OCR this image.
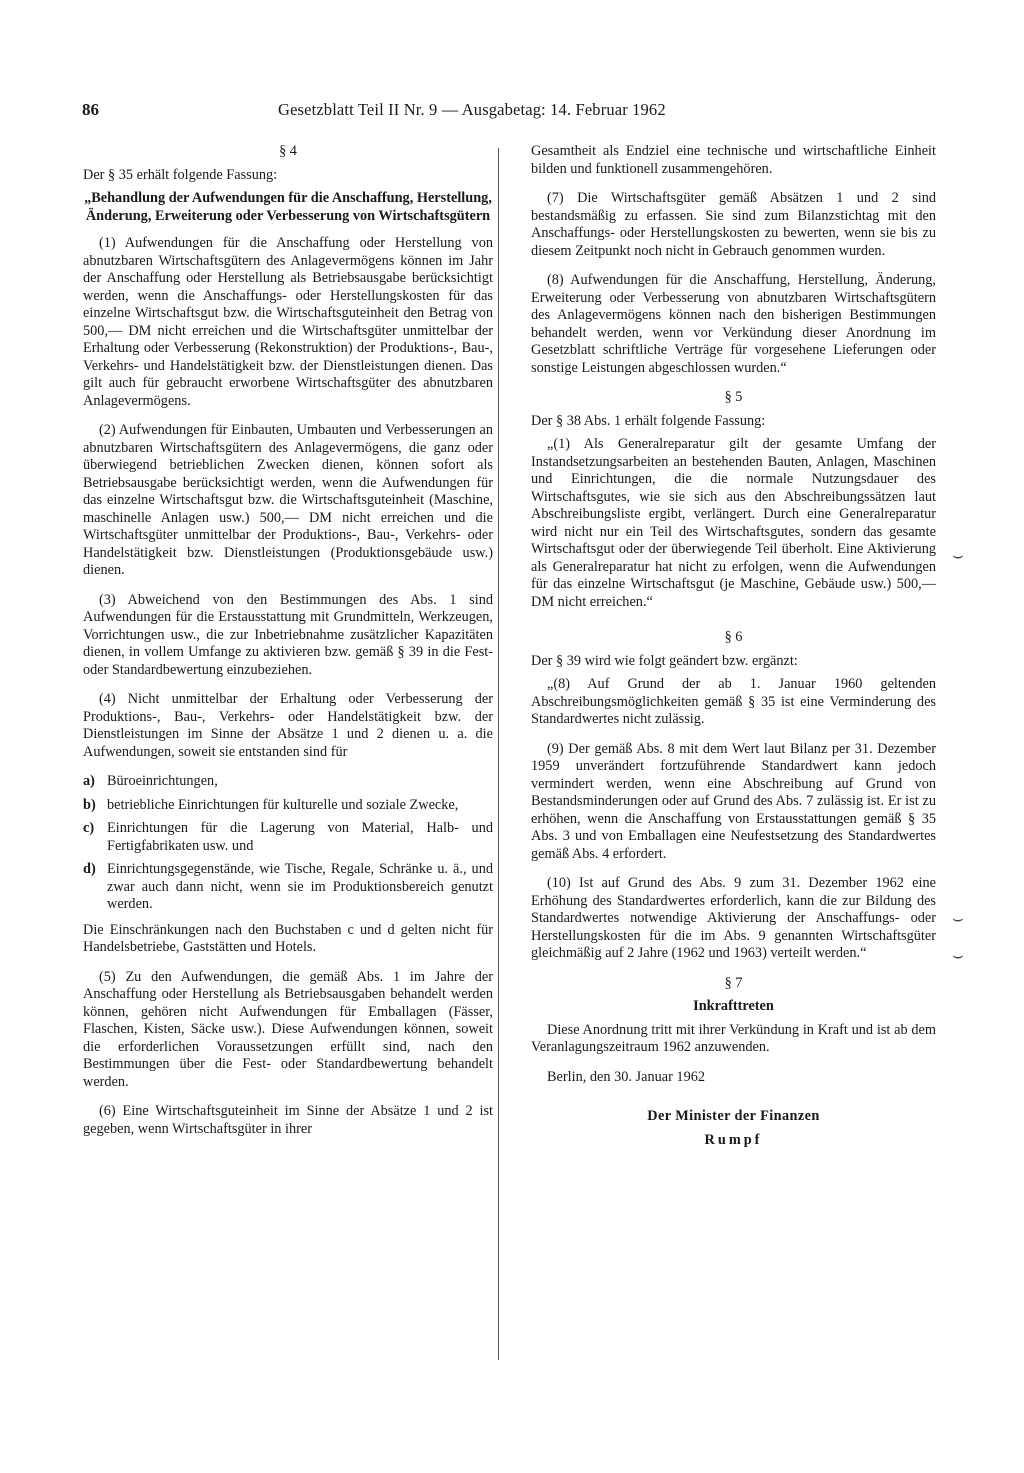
86	Gesetzblatt Teil II Nr. 9 — Ausgabetag: 14. Februar 1962
⌣
⌣
⌣

§ 4

Der § 35 erhält folgende Fassung:

„Behandlung der Aufwendungen für die Anschaffung, Herstellung, Änderung, Erweiterung oder Verbesserung von Wirtschaftsgütern

(1) Aufwendungen für die Anschaffung oder Herstellung von abnutzbaren Wirtschaftsgütern des Anlagevermögens können im Jahr der Anschaffung oder Herstellung als Betriebsausgabe berücksichtigt werden, wenn die Anschaffungs- oder Herstellungskosten für das einzelne Wirtschaftsgut bzw. die Wirtschaftsguteinheit den Betrag von 500,— DM nicht erreichen und die Wirtschaftsgüter unmittelbar der Erhaltung oder Verbesserung (Rekonstruktion) der Produktions-, Bau-, Verkehrs- und Handelstätigkeit bzw. der Dienstleistungen dienen. Das gilt auch für gebraucht erworbene Wirtschaftsgüter des abnutzbaren Anlagevermögens.

(2) Aufwendungen für Einbauten, Umbauten und Verbesserungen an abnutzbaren Wirtschaftsgütern des Anlagevermögens, die ganz oder überwiegend betrieblichen Zwecken dienen, können sofort als Betriebsausgabe berücksichtigt werden, wenn die Aufwendungen für das einzelne Wirtschaftsgut bzw. die Wirtschaftsguteinheit (Maschine, maschinelle Anlagen usw.) 500,— DM nicht erreichen und die Wirtschaftsgüter unmittelbar der Produktions-, Bau-, Verkehrs- oder Handelstätigkeit bzw. Dienstleistungen (Produktionsgebäude usw.) dienen.

(3) Abweichend von den Bestimmungen des Abs. 1 sind Aufwendungen für die Erstausstattung mit Grundmitteln, Werkzeugen, Vorrichtungen usw., die zur Inbetriebnahme zusätzlicher Kapazitäten dienen, in vollem Umfange zu aktivieren bzw. gemäß § 39 in die Fest- oder Standardbewertung einzubeziehen.

(4) Nicht unmittelbar der Erhaltung oder Verbesserung der Produktions-, Bau-, Verkehrs- oder Handelstätigkeit bzw. der Dienstleistungen im Sinne der Absätze 1 und 2 dienen u. a. die Aufwendungen, soweit sie entstanden sind für

a) Büroeinrichtungen,
b) betriebliche Einrichtungen für kulturelle und soziale Zwecke,
c) Einrichtungen für die Lagerung von Material, Halb- und Fertigfabrikaten usw. und
d) Einrichtungsgegenstände, wie Tische, Regale, Schränke u. ä., und zwar auch dann nicht, wenn sie im Produktionsbereich genutzt werden.

Die Einschränkungen nach den Buchstaben c und d gelten nicht für Handelsbetriebe, Gaststätten und Hotels.

(5) Zu den Aufwendungen, die gemäß Abs. 1 im Jahre der Anschaffung oder Herstellung als Betriebsausgaben behandelt werden können, gehören nicht Aufwendungen für Emballagen (Fässer, Flaschen, Kisten, Säcke usw.). Diese Aufwendungen können, soweit die erforderlichen Voraussetzungen erfüllt sind, nach den Bestimmungen über die Fest- oder Standardbewertung behandelt werden.

(6) Eine Wirtschaftsguteinheit im Sinne der Absätze 1 und 2 ist gegeben, wenn Wirtschaftsgüter in ihrer

Gesamtheit als Endziel eine technische und wirtschaftliche Einheit bilden und funktionell zusammengehören.

(7) Die Wirtschaftsgüter gemäß Absätzen 1 und 2 sind bestandsmäßig zu erfassen. Sie sind zum Bilanzstichtag mit den Anschaffungs- oder Herstellungskosten zu bewerten, wenn sie bis zu diesem Zeitpunkt noch nicht in Gebrauch genommen wurden.

(8) Aufwendungen für die Anschaffung, Herstellung, Änderung, Erweiterung oder Verbesserung von abnutzbaren Wirtschaftsgütern des Anlagevermögens können nach den bisherigen Bestimmungen behandelt werden, wenn vor Verkündung dieser Anordnung im Gesetzblatt schriftliche Verträge für vorgesehene Lieferungen oder sonstige Leistungen abgeschlossen wurden.“

§ 5

Der § 38 Abs. 1 erhält folgende Fassung:

„(1) Als Generalreparatur gilt der gesamte Umfang der Instandsetzungsarbeiten an bestehenden Bauten, Anlagen, Maschinen und Einrichtungen, die die normale Nutzungsdauer des Wirtschaftsgutes, wie sie sich aus den Abschreibungssätzen laut Abschreibungsliste ergibt, verlängert. Durch eine Generalreparatur wird nicht nur ein Teil des Wirtschaftsgutes, sondern das gesamte Wirtschaftsgut oder der überwiegende Teil überholt. Eine Aktivierung als Generalreparatur hat nicht zu erfolgen, wenn die Aufwendungen für das einzelne Wirtschaftsgut (je Maschine, Gebäude usw.) 500,— DM nicht erreichen.“

§ 6

Der § 39 wird wie folgt geändert bzw. ergänzt:

„(8) Auf Grund der ab 1. Januar 1960 geltenden Abschreibungsmöglichkeiten gemäß § 35 ist eine Verminderung des Standardwertes nicht zulässig.

(9) Der gemäß Abs. 8 mit dem Wert laut Bilanz per 31. Dezember 1959 unverändert fortzuführende Standardwert kann jedoch vermindert werden, wenn eine Abschreibung auf Grund von Bestandsminderungen oder auf Grund des Abs. 7 zulässig ist. Er ist zu erhöhen, wenn die Anschaffung von Erstausstattungen gemäß § 35 Abs. 3 und von Emballagen eine Neufestsetzung des Standardwertes gemäß Abs. 4 erfordert.

(10) Ist auf Grund des Abs. 9 zum 31. Dezember 1962 eine Erhöhung des Standardwertes erforderlich, kann die zur Bildung des Standardwertes notwendige Aktivierung der Anschaffungs- oder Herstellungskosten für die im Abs. 9 genannten Wirtschaftsgüter gleichmäßig auf 2 Jahre (1962 und 1963) verteilt werden.“

§ 7

Inkrafttreten

Diese Anordnung tritt mit ihrer Verkündung in Kraft und ist ab dem Veranlagungszeitraum 1962 anzuwenden.

Berlin, den 30. Januar 1962

Der Minister der Finanzen

Rumpf
